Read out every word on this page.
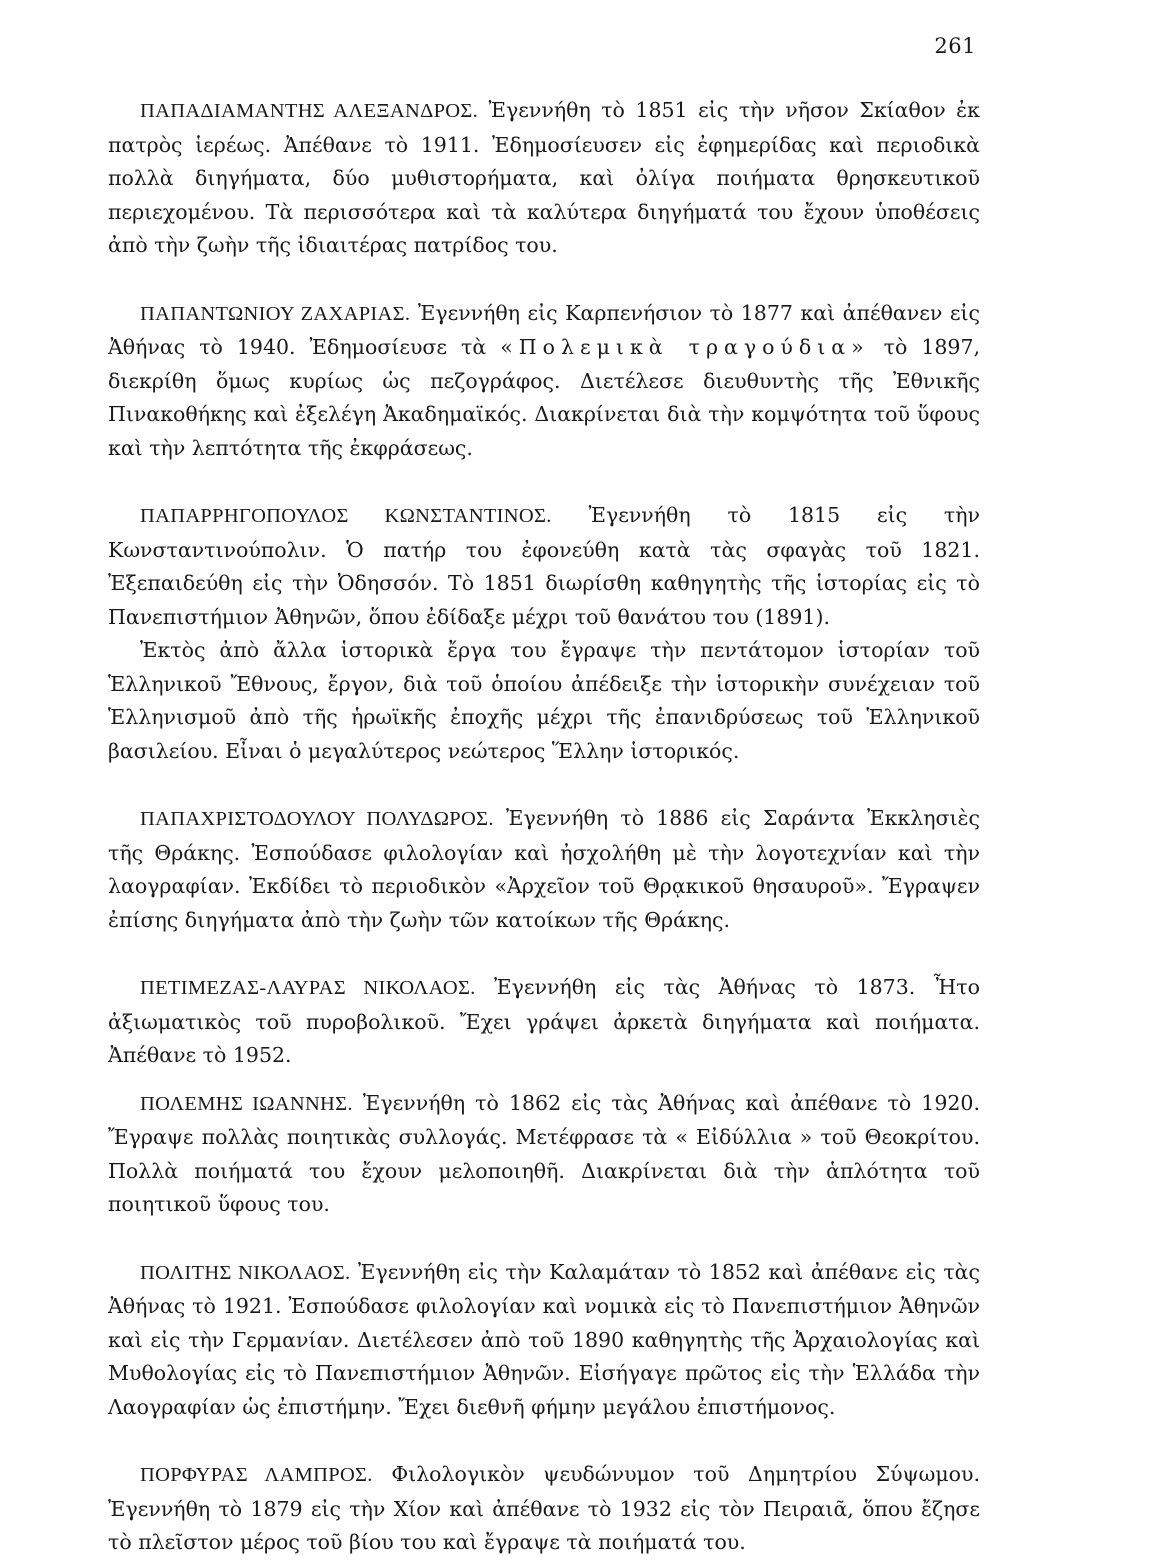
261

ΠΑΠΑΔΙΑΜΑΝΤΗΣ ΑΛΕΞΑΝΔΡΟΣ. Ἐγεννήθη τὸ 1851 εἰς τὴν νῆσον Σκίαθον ἐκ πατρὸς ἱερέως. Ἀπέθανε τὸ 1911. Ἐδημοσίευσεν εἰς ἐφημερίδας καὶ περιοδικὰ πολλὰ διηγήματα, δύο μυθιστορήματα, καὶ ὀλίγα ποιήματα θρησκευτικοῦ περιεχομένου. Τὰ περισσότερα καὶ τὰ καλύτερα διηγήματά του ἔχουν ὑποθέσεις ἀπὸ τὴν ζωὴν τῆς ἰδιαιτέρας πατρίδος του.

ΠΑΠΑΝΤΩΝΙΟΥ ΖΑΧΑΡΙΑΣ. Ἐγεννήθη εἰς Καρπενήσιον τὸ 1877 καὶ ἀπέθανεν εἰς Ἀθήνας τὸ 1940. Ἐδημοσίευσε τὰ «Πολεμικὰ τραγούδια» τὸ 1897, διεκρίθη ὅμως κυρίως ὡς πεζογράφος. Διετέλεσε διευθυντὴς τῆς Ἐθνικῆς Πινακοθήκης καὶ ἐξελέγη Ἀκαδημαϊκός. Διακρίνεται διὰ τὴν κομψότητα τοῦ ὕφους καὶ τὴν λεπτότητα τῆς ἐκφράσεως.

ΠΑΠΑΡΡΗΓΟΠΟΥΛΟΣ ΚΩΝΣΤΑΝΤΙΝΟΣ. Ἐγεννήθη τὸ 1815 εἰς τὴν Κωνσταντινούπολιν. Ὁ πατήρ του ἐφονεύθη κατὰ τὰς σφαγὰς τοῦ 1821. Ἐξεπαιδεύθη εἰς τὴν Ὀδησσόν. Τὸ 1851 διωρίσθη καθηγητὴς τῆς ἱστορίας εἰς τὸ Πανεπιστήμιον Ἀθηνῶν, ὅπου ἐδίδαξε μέχρι τοῦ θανάτου του (1891).

Ἐκτὸς ἀπὸ ἄλλα ἱστορικὰ ἔργα του ἔγραψε τὴν πεντάτομον ἱστορίαν τοῦ Ἑλληνικοῦ Ἔθνους, ἔργον, διὰ τοῦ ὁποίου ἀπέδειξε τὴν ἱστορικὴν συνέχειαν τοῦ Ἑλληνισμοῦ ἀπὸ τῆς ἡρωϊκῆς ἐποχῆς μέχρι τῆς ἐπανιδρύσεως τοῦ Ἑλληνικοῦ βασιλείου. Εἶναι ὁ μεγαλύτερος νεώτερος Ἕλλην ἱστορικός.

ΠΑΠΑΧΡΙΣΤΟΔΟΥΛΟΥ ΠΟΛΥΔΩΡΟΣ. Ἐγεννήθη τὸ 1886 εἰς Σαράντα Ἐκκλησιὲς τῆς Θράκης. Ἐσπούδασε φιλολογίαν καὶ ἠσχολήθη μὲ τὴν λογοτεχνίαν καὶ τὴν λαογραφίαν. Ἐκδίδει τὸ περιοδικὸν «Ἀρχεῖον τοῦ Θρᾳκικοῦ θησαυροῦ». Ἔγραψεν ἐπίσης διηγήματα ἀπὸ τὴν ζωὴν τῶν κατοίκων τῆς Θράκης.

ΠΕΤΙΜΕΖΑΣ-ΛΑΥΡΑΣ ΝΙΚΟΛΑΟΣ. Ἐγεννήθη εἰς τὰς Ἀθήνας τὸ 1873. Ἦτο ἀξιωματικὸς τοῦ πυροβολικοῦ. Ἔχει γράψει ἀρκετὰ διηγήματα καὶ ποιήματα. Ἀπέθανε τὸ 1952.

ΠΟΛΕΜΗΣ ΙΩΑΝΝΗΣ. Ἐγεννήθη τὸ 1862 εἰς τὰς Ἀθήνας καὶ ἀπέθανε τὸ 1920. Ἔγραψε πολλὰς ποιητικὰς συλλογάς. Μετέφρασε τὰ « Εἰδύλλια » τοῦ Θεοκρίτου. Πολλὰ ποιήματά του ἔχουν μελοποιηθῆ. Διακρίνεται διὰ τὴν ἁπλότητα τοῦ ποιητικοῦ ὕφους του.

ΠΟΛΙΤΗΣ ΝΙΚΟΛΑΟΣ. Ἐγεννήθη εἰς τὴν Καλαμάταν τὸ 1852 καὶ ἀπέθανε εἰς τὰς Ἀθήνας τὸ 1921. Ἐσπούδασε φιλολογίαν καὶ νομικὰ εἰς τὸ Πανεπιστήμιον Ἀθηνῶν καὶ εἰς τὴν Γερμανίαν. Διετέλεσεν ἀπὸ τοῦ 1890 καθηγητὴς τῆς Ἀρχαιολογίας καὶ Μυθολογίας εἰς τὸ Πανεπιστήμιον Ἀθηνῶν. Εἰσήγαγε πρῶτος εἰς τὴν Ἑλλάδα τὴν Λαογραφίαν ὡς ἐπιστήμην. Ἔχει διεθνῆ φήμην μεγάλου ἐπιστήμονος.

ΠΟΡΦΥΡΑΣ ΛΑΜΠΡΟΣ. Φιλολογικὸν ψευδώνυμον τοῦ Δημητρίου Σύψωμου. Ἐγεννήθη τὸ 1879 εἰς τὴν Χίον καὶ ἀπέθανε τὸ 1932 εἰς τὸν Πειραιᾶ, ὅπου ἔζησε τὸ πλεῖστον μέρος τοῦ βίου του καὶ ἔγραψε τὰ ποιήματά του.
